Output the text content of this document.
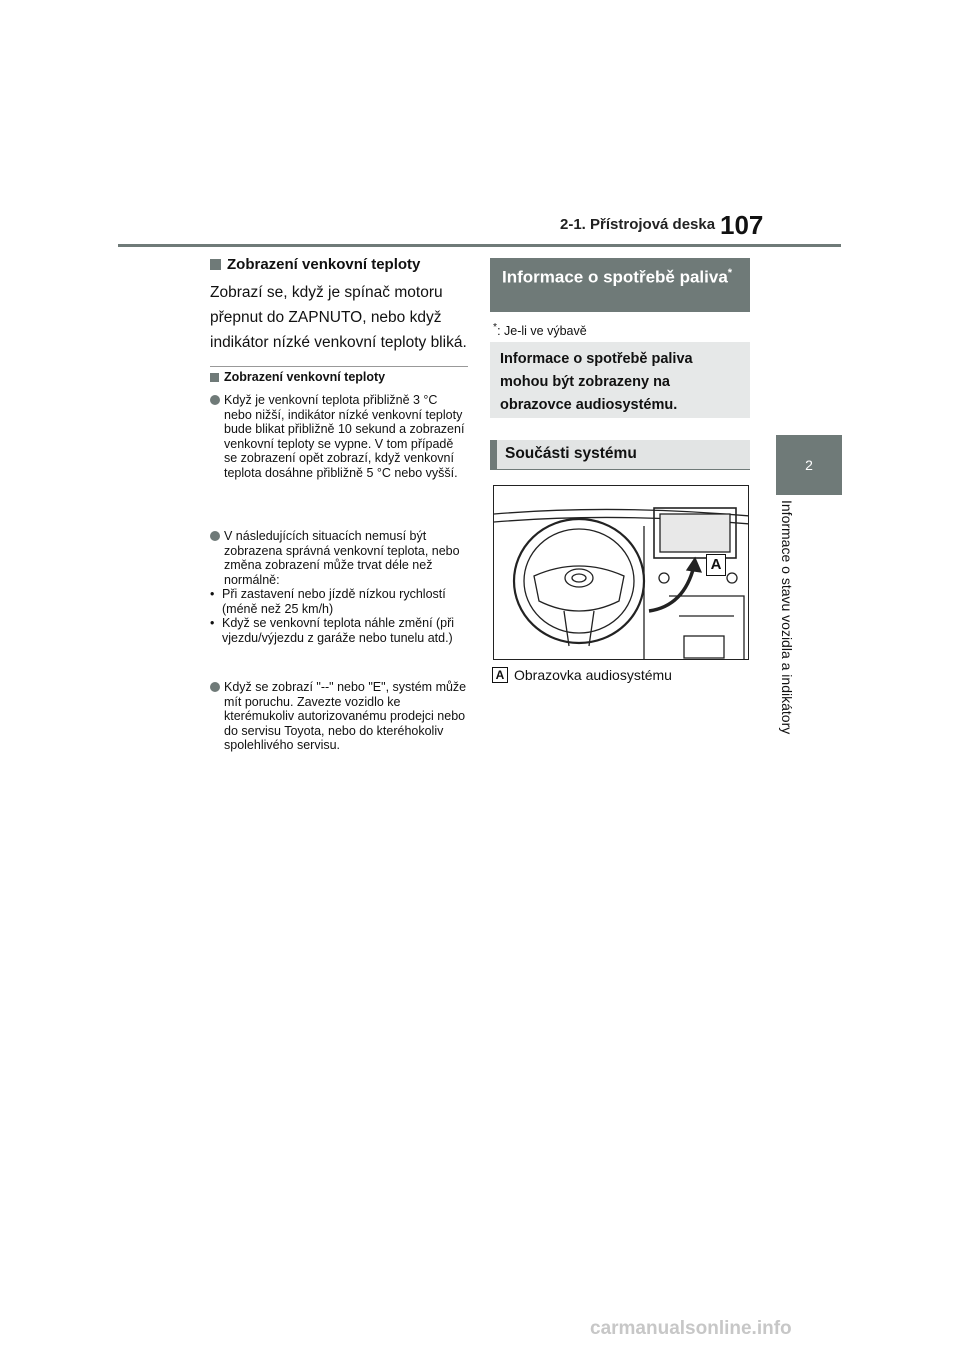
2-1. Přístrojová deska 107
2
Informace o stavu vozidla a indikátory
Zobrazení venkovní teploty
Zobrazí se, když je spínač motoru přepnut do ZAPNUTO, nebo když indikátor nízké venkovní teploty bliká.
Zobrazení venkovní teploty
Když je venkovní teplota přibližně 3 °C nebo nižší, indikátor nízké venkovní teploty bude blikat přibližně 10 sekund a zobrazení venkovní teploty se vypne. V tom případě se zobrazení opět zobrazí, když venkovní teplota dosáhne přibližně 5 °C nebo vyšší.
V následujících situacích nemusí být zobrazena správná venkovní teplota, nebo změna zobrazení může trvat déle než normálně:
• Při zastavení nebo jízdě nízkou rychlostí (méně než 25 km/h)
• Když se venkovní teplota náhle změní (při vjezdu/výjezdu z garáže nebo tunelu atd.)
Když se zobrazí "--" nebo "E", systém může mít poruchu. Zavezte vozidlo ke kterémukoliv autorizovanému prodejci nebo do servisu Toyota, nebo do kteréhokoliv spolehlivého servisu.
Informace o spotřebě paliva*
*: Je-li ve výbavě
Informace o spotřebě paliva mohou být zobrazeny na obrazovce audiosystému.
Součásti systému
A
A Obrazovka audiosystému
carmanualsonline.info
